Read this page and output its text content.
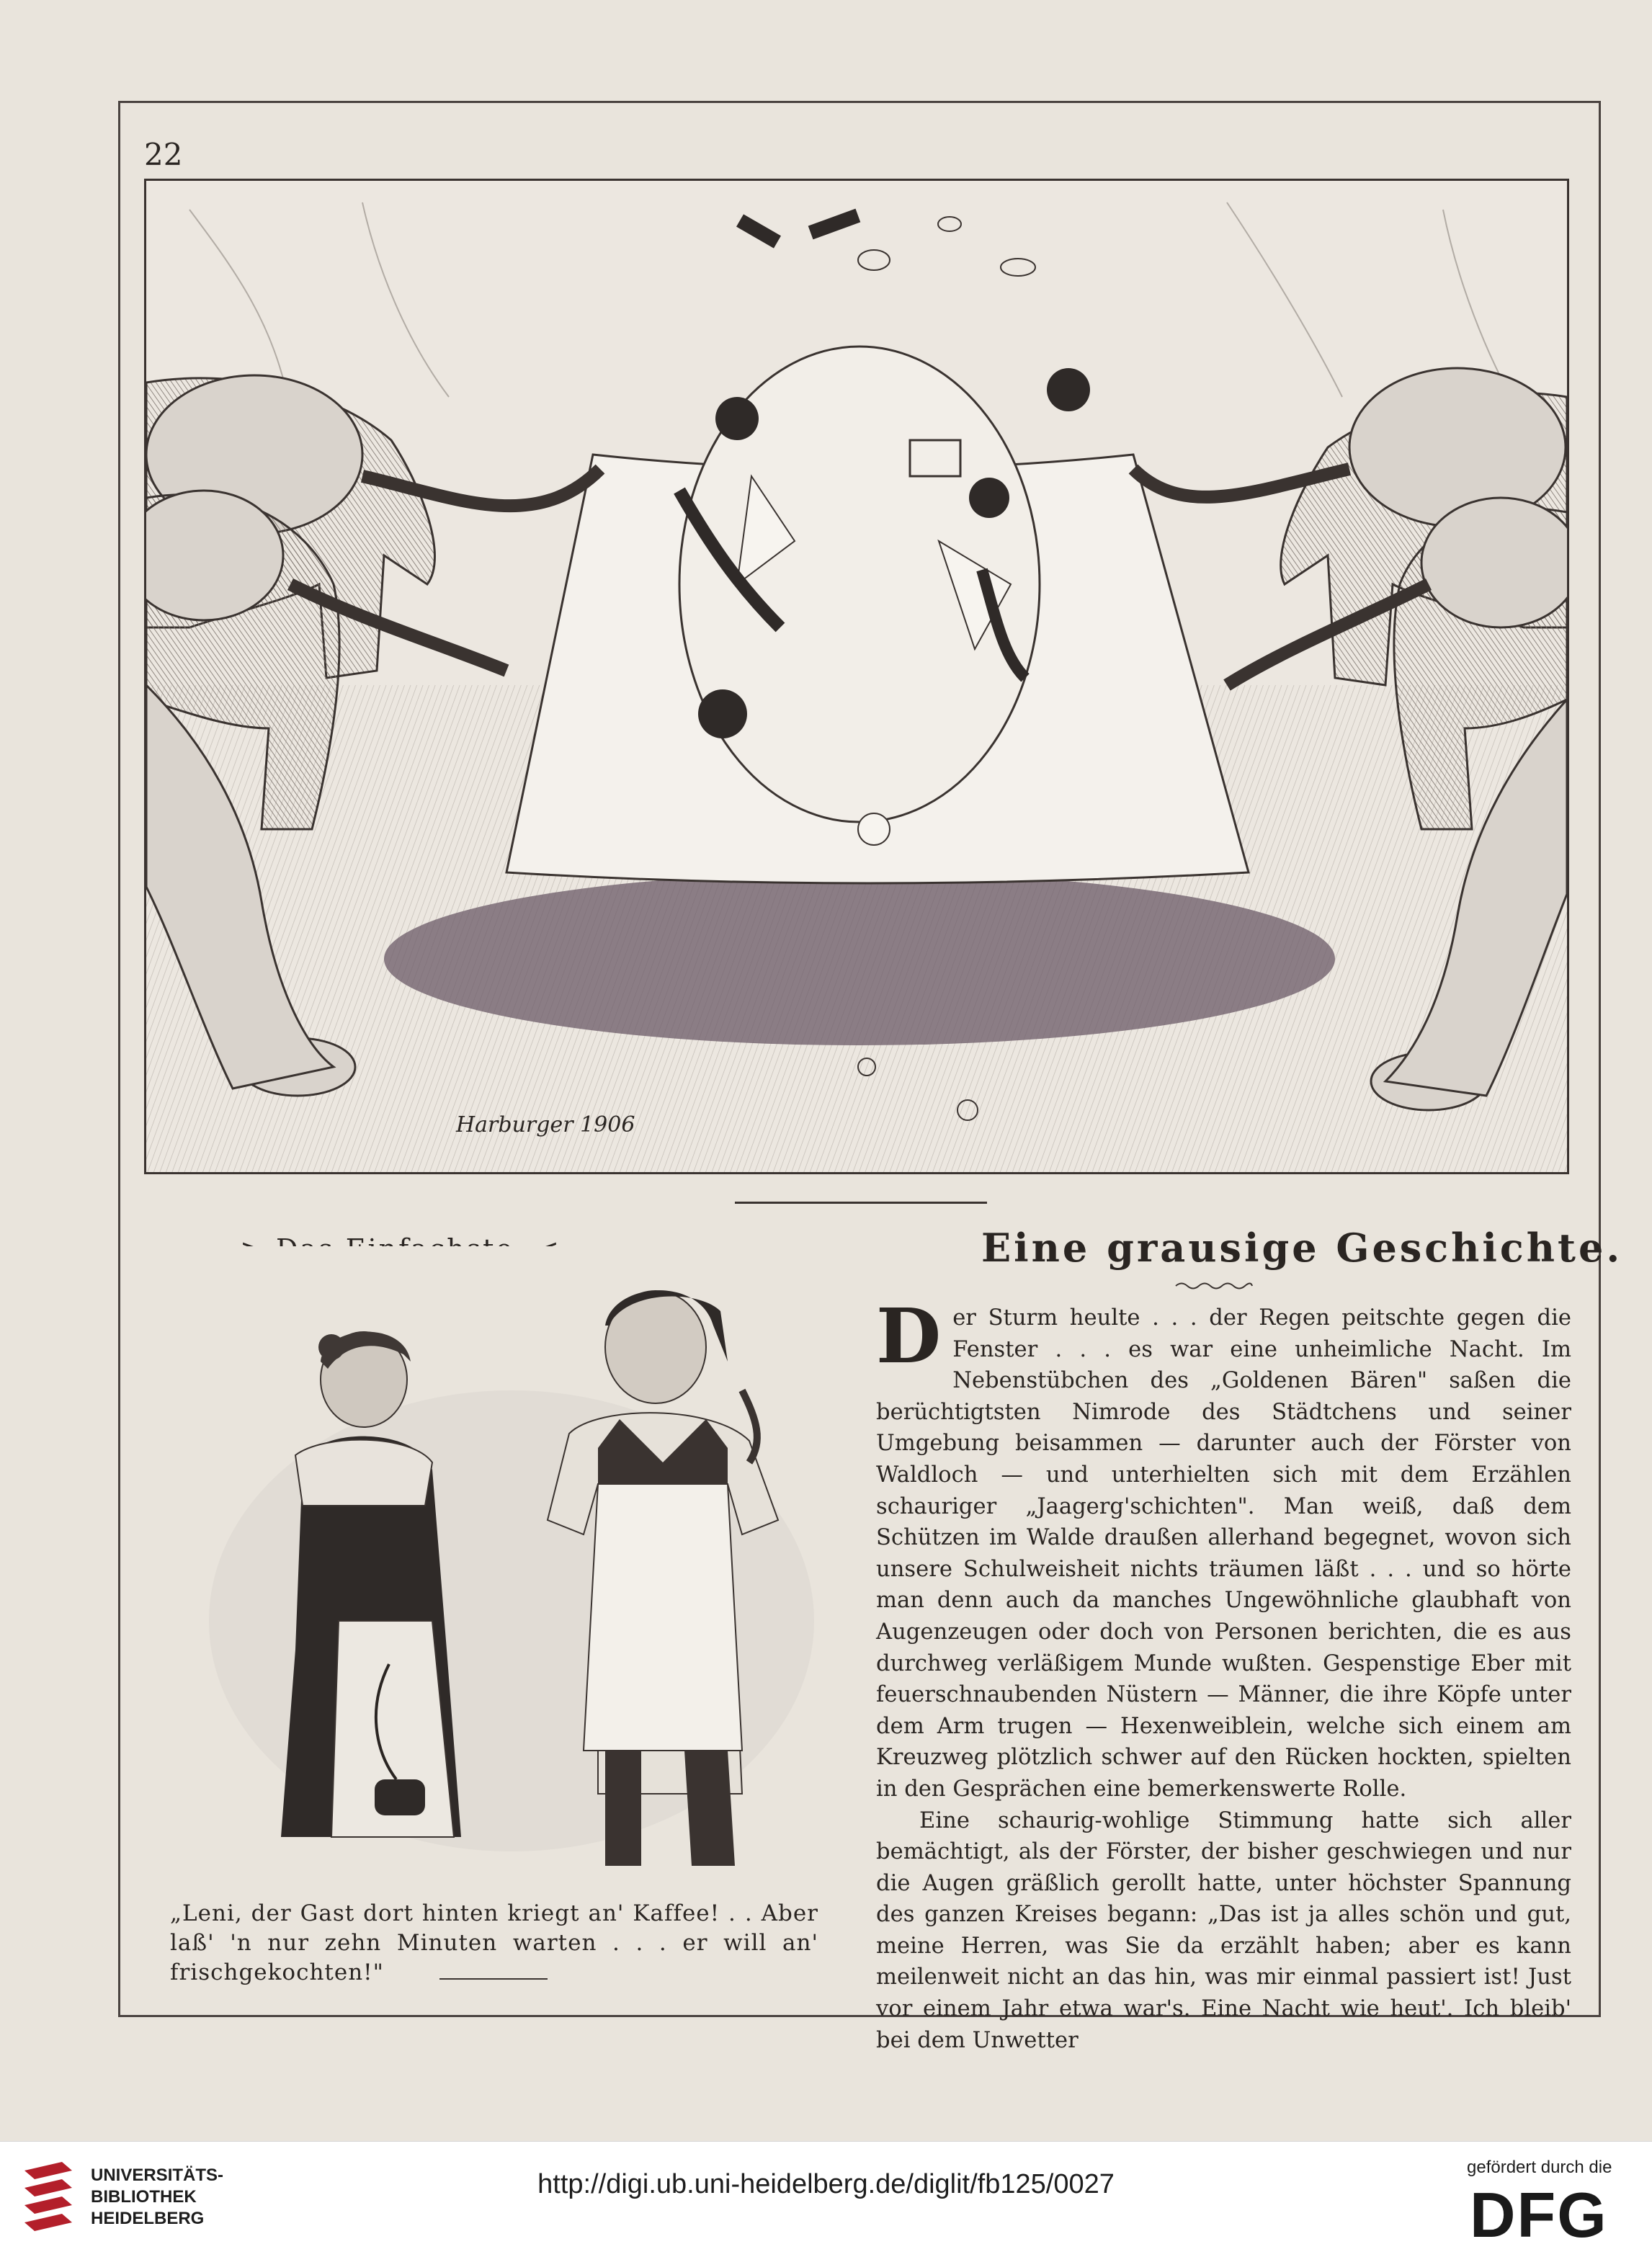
22
Harburger 1906
„Leni, der Gast dort hinten kriegt an' Kaffee! . . Aber laß' 'n nur zehn Minuten warten . . . er will an' frischgekochten!"
Eine grausige Geschichte.

Der Sturm heulte . . . der Regen peitschte gegen die Fenster . . . es war eine unheimliche Nacht. Im Nebenstübchen des „Goldenen Bären" saßen die berüchtigtsten Nimrode des Städtchens und seiner Umgebung beisammen — darunter auch der Förster von Waldloch — und unterhielten sich mit dem Erzählen schauriger „Jaagerg'schichten". Man weiß, daß dem Schützen im Walde draußen allerhand begegnet, wovon sich unsere Schulweisheit nichts träumen läßt . . . und so hörte man denn auch da manches Ungewöhnliche glaubhaft von Augenzeugen oder doch von Personen berichten, die es aus durchweg verläßigem Munde wußten. Gespenstige Eber mit feuerschnaubenden Nüstern — Männer, die ihre Köpfe unter dem Arm trugen — Hexenweiblein, welche sich einem am Kreuzweg plötzlich schwer auf den Rücken hockten, spielten in den Gesprächen eine bemerkenswerte Rolle.

Eine schaurig-wohlige Stimmung hatte sich aller bemächtigt, als der Förster, der bisher geschwiegen und nur die Augen gräßlich gerollt hatte, unter höchster Spannung des ganzen Kreises begann: „Das ist ja alles schön und gut, meine Herren, was Sie da erzählt haben; aber es kann meilenweit nicht an das hin, was mir einmal passiert ist! Just vor einem Jahr etwa war's. Eine Nacht wie heut'. Ich bleib' bei dem Unwetter

UNIVERSITÄTS-
BIBLIOTHEK
HEIDELBERG
http://digi.ub.uni-heidelberg.de/diglit/fb125/0027
gefördert durch die
DFG
